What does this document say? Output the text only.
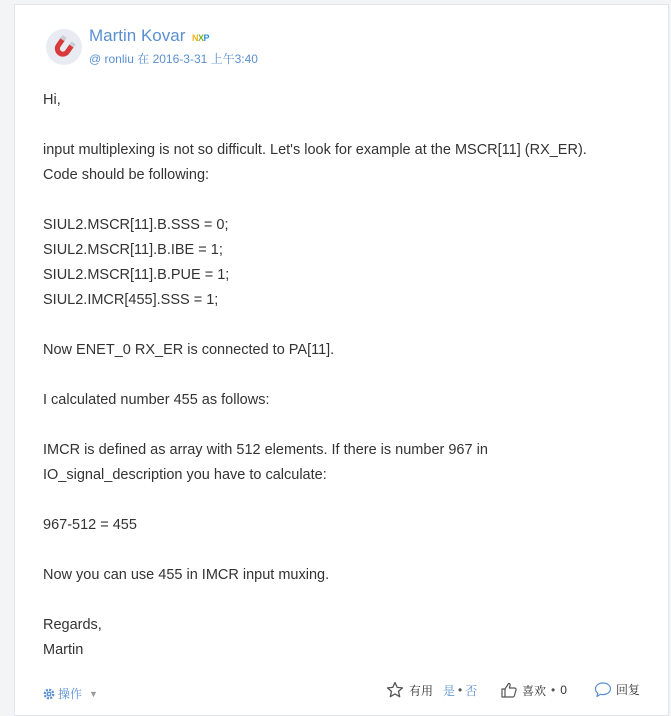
Martin Kovar NXP
@ ronliu 在 2016-3-31 上午3:40
Hi,
input multiplexing is not so difficult. Let's look for example at the MSCR[11] (RX_ER).
Code should be following:
SIUL2.MSCR[11].B.SSS = 0;
SIUL2.MSCR[11].B.IBE = 1;
SIUL2.MSCR[11].B.PUE = 1;
SIUL2.IMCR[455].SSS = 1;
Now ENET_0 RX_ER is connected to PA[11].
I calculated number 455 as follows:
IMCR is defined as array with 512 elements. If there is number 967 in
IO_signal_description you have to calculate:
967-512 = 455
Now you can use 455 in IMCR input muxing.
Regards,
Martin
操作 ▼	有用 是 • 否	喜欢 • 0	回复
